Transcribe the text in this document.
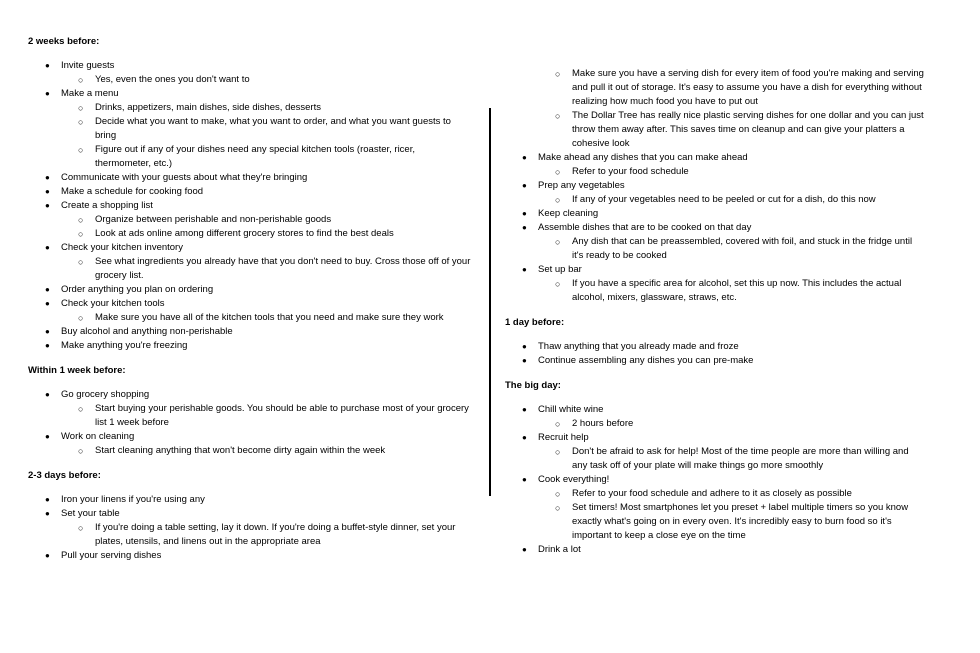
2 weeks before:
● Invite guests
○ Yes, even the ones you don't want to
● Make a menu
○ Drinks, appetizers, main dishes, side dishes, desserts
○ Decide what you want to make, what you want to order, and what you want guests to bring
○ Figure out if any of your dishes need any special kitchen tools (roaster, ricer, thermometer, etc.)
● Communicate with your guests about what they're bringing
● Make a schedule for cooking food
● Create a shopping list
○ Organize between perishable and non-perishable goods
○ Look at ads online among different grocery stores to find the best deals
● Check your kitchen inventory
○ See what ingredients you already have that you don't need to buy. Cross those off of your grocery list.
● Order anything you plan on ordering
● Check your kitchen tools
○ Make sure you have all of the kitchen tools that you need and make sure they work
● Buy alcohol and anything non-perishable
● Make anything you're freezing
Within 1 week before:
● Go grocery shopping
○ Start buying your perishable goods. You should be able to purchase most of your grocery list 1 week before
● Work on cleaning
○ Start cleaning anything that won't become dirty again within the week
2-3 days before:
● Iron your linens if you're using any
● Set your table
○ If you're doing a table setting, lay it down. If you're doing a buffet-style dinner, set your plates, utensils, and linens out in the appropriate area
● Pull your serving dishes
○ Make sure you have a serving dish for every item of food you're making and serving and pull it out of storage. It's easy to assume you have a dish for everything without realizing how much food you have to put out
○ The Dollar Tree has really nice plastic serving dishes for one dollar and you can just throw them away after. This saves time on cleanup and can give your platters a cohesive look
● Make ahead any dishes that you can make ahead
○ Refer to your food schedule
● Prep any vegetables
○ If any of your vegetables need to be peeled or cut for a dish, do this now
● Keep cleaning
● Assemble dishes that are to be cooked on that day
○ Any dish that can be preassembled, covered with foil, and stuck in the fridge until it's ready to be cooked
● Set up bar
○ If you have a specific area for alcohol, set this up now. This includes the actual alcohol, mixers, glassware, straws, etc.
1 day before:
● Thaw anything that you already made and froze
● Continue assembling any dishes you can pre-make
The big day:
● Chill white wine
○ 2 hours before
● Recruit help
○ Don't be afraid to ask for help! Most of the time people are more than willing and any task off of your plate will make things go more smoothly
● Cook everything!
○ Refer to your food schedule and adhere to it as closely as possible
○ Set timers! Most smartphones let you preset + label multiple timers so you know exactly what's going on in every oven. It's incredibly easy to burn food so it's important to keep a close eye on the time
● Drink a lot
